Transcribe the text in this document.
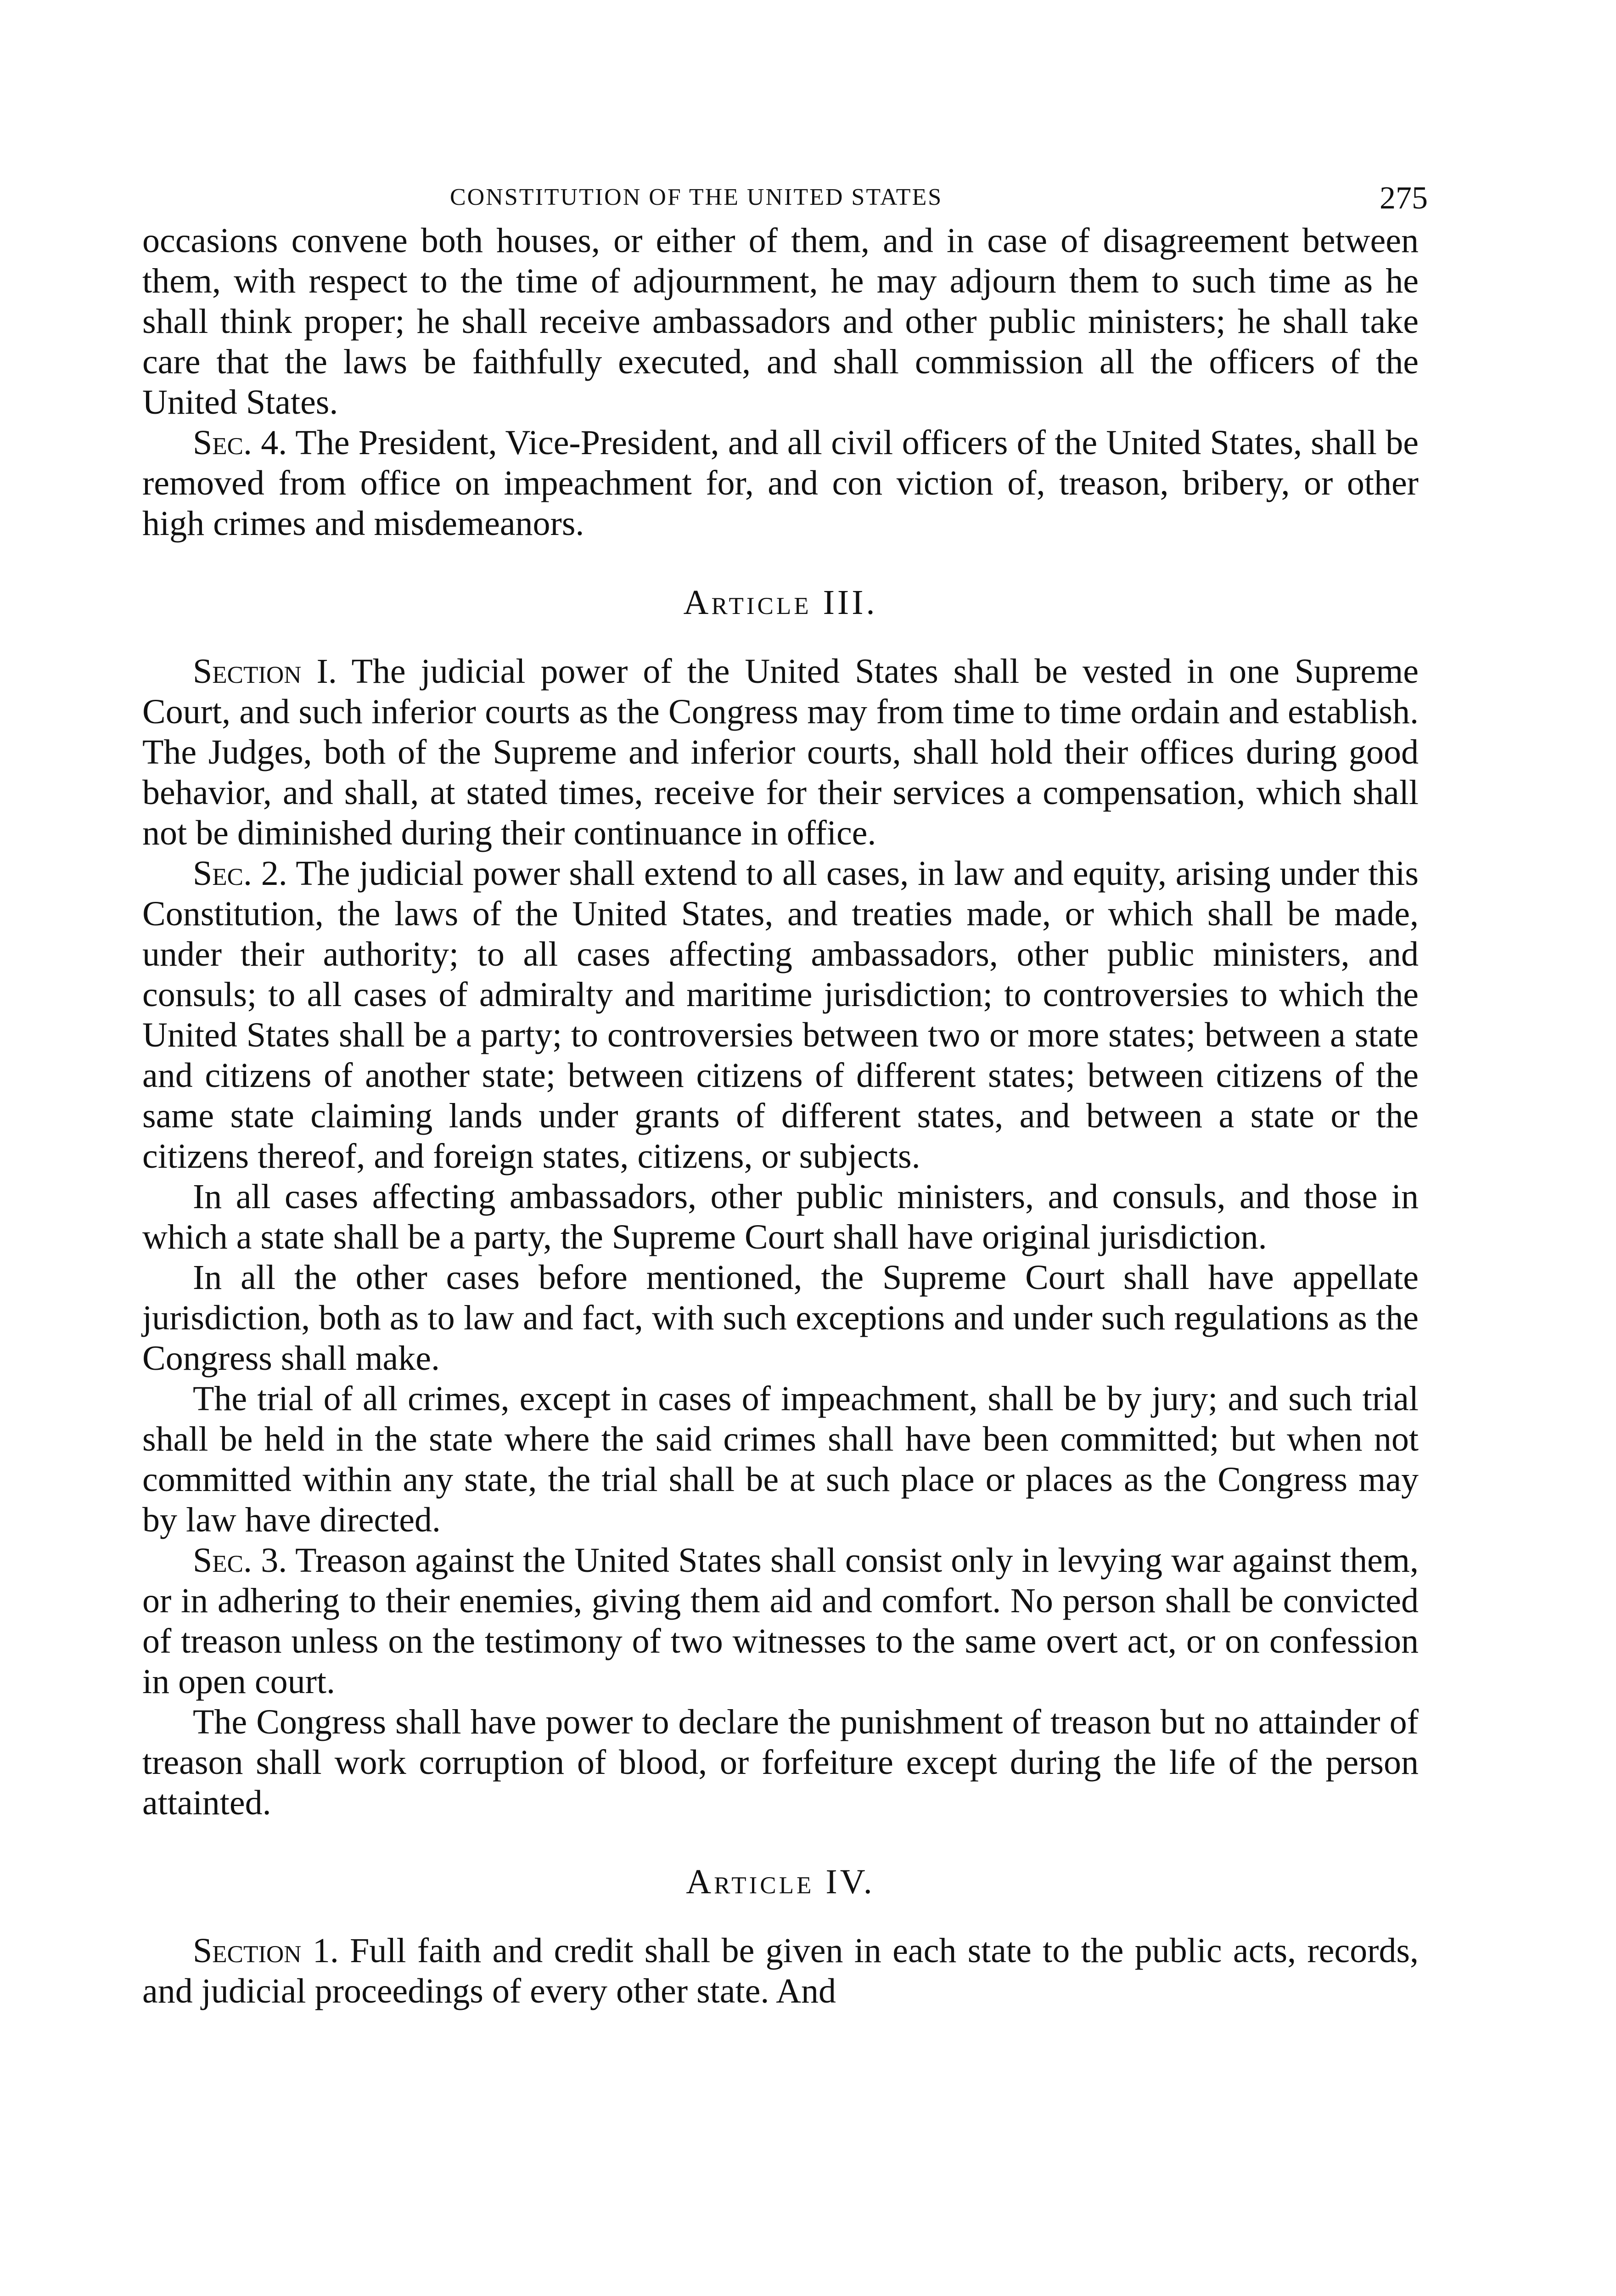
CONSTITUTION OF THE UNITED STATES	275

occasions convene both houses, or either of them, and in case of disagreement between them, with respect to the time of adjournment, he may adjourn them to such time as he shall think proper; he shall receive ambassadors and other public ministers; he shall take care that the laws be faithfully executed, and shall commission all the officers of the United States.

Sec. 4. The President, Vice-President, and all civil officers of the United States, shall be removed from office on impeachment for, and con viction of, treason, bribery, or other high crimes and misdemeanors.

Article III.

Section I. The judicial power of the United States shall be vested in one Supreme Court, and such inferior courts as the Congress may from time to time ordain and establish. The Judges, both of the Supreme and inferior courts, shall hold their offices during good behavior, and shall, at stated times, receive for their services a compensation, which shall not be diminished during their continuance in office.

Sec. 2. The judicial power shall extend to all cases, in law and equity, arising under this Constitution, the laws of the United States, and treaties made, or which shall be made, under their authority; to all cases affecting ambassadors, other public ministers, and consuls; to all cases of admiralty and maritime jurisdiction; to controversies to which the United States shall be a party; to controversies between two or more states; between a state and citizens of another state; between citizens of different states; between citizens of the same state claiming lands under grants of different states, and between a state or the citizens thereof, and foreign states, citizens, or subjects.

In all cases affecting ambassadors, other public ministers, and consuls, and those in which a state shall be a party, the Supreme Court shall have original jurisdiction.

In all the other cases before mentioned, the Supreme Court shall have appellate jurisdiction, both as to law and fact, with such exceptions and under such regulations as the Congress shall make.

The trial of all crimes, except in cases of impeachment, shall be by jury; and such trial shall be held in the state where the said crimes shall have been committed; but when not committed within any state, the trial shall be at such place or places as the Congress may by law have directed.

Sec. 3. Treason against the United States shall consist only in levying war against them, or in adhering to their enemies, giving them aid and comfort. No person shall be convicted of treason unless on the testimony of two witnesses to the same overt act, or on confession in open court.

The Congress shall have power to declare the punishment of treason but no attainder of treason shall work corruption of blood, or forfeiture except during the life of the person attainted.

Article IV.

Section 1. Full faith and credit shall be given in each state to the public acts, records, and judicial proceedings of every other state. And
